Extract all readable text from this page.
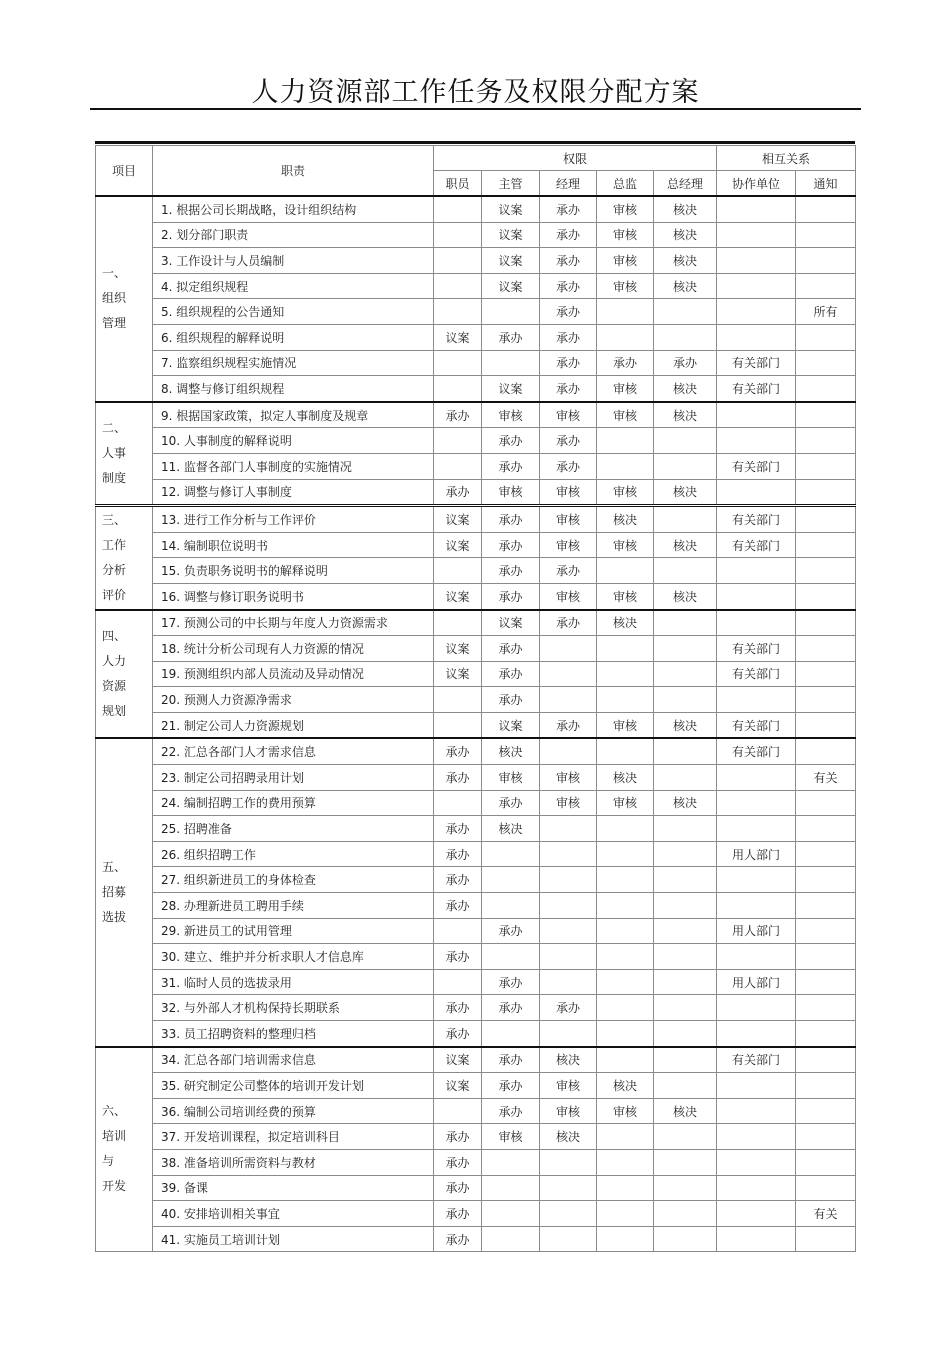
人力资源部工作任务及权限分配方案
项目	职责	权限					相互关系	
		职员	主管	经理	总监	总经理	协作单位	通知

一、
组织
管理	1. 根据公司长期战略，设计组织结构		议案	承办	审核	核决		
	2. 划分部门职责		议案	承办	审核	核决		
	3. 工作设计与人员编制		议案	承办	审核	核决		
	4. 拟定组织规程		议案	承办	审核	核决		
	5. 组织规程的公告通知			承办				所有
	6. 组织规程的解释说明	议案	承办	承办				
	7. 监察组织规程实施情况			承办	承办	承办	有关部门	
	8. 调整与修订组织规程		议案	承办	审核	核决	有关部门	

二、
人事
制度	9. 根据国家政策，拟定人事制度及规章	承办	审核	审核	审核	核决		
	10. 人事制度的解释说明		承办	承办				
	11. 监督各部门人事制度的实施情况		承办	承办			有关部门	
	12. 调整与修订人事制度	承办	审核	审核	审核	核决		

三、
工作
分析
评价	13. 进行工作分析与工作评价	议案	承办	审核	核决		有关部门	
	14. 编制职位说明书	议案	承办	审核	审核	核决	有关部门	
	15. 负责职务说明书的解释说明		承办	承办				
	16. 调整与修订职务说明书	议案	承办	审核	审核	核决		

四、
人力
资源
规划	17. 预测公司的中长期与年度人力资源需求		议案	承办	核决			
	18. 统计分析公司现有人力资源的情况	议案	承办				有关部门	
	19. 预测组织内部人员流动及异动情况	议案	承办				有关部门	
	20. 预测人力资源净需求		承办					
	21. 制定公司人力资源规划		议案	承办	审核	核决	有关部门	

五、
招募
选拔	22. 汇总各部门人才需求信息	承办	核决				有关部门	
	23. 制定公司招聘录用计划	承办	审核	审核	核决			有关
	24. 编制招聘工作的费用预算		承办	审核	审核	核决		
	25. 招聘准备	承办	核决					
	26. 组织招聘工作	承办					用人部门	
	27. 组织新进员工的身体检查	承办						
	28. 办理新进员工聘用手续	承办						
	29. 新进员工的试用管理		承办				用人部门	
	30. 建立、维护并分析求职人才信息库	承办						
	31. 临时人员的选拔录用		承办				用人部门	
	32. 与外部人才机构保持长期联系	承办	承办	承办				
	33. 员工招聘资料的整理归档	承办						

六、
培训
与
开发	34. 汇总各部门培训需求信息	议案	承办	核决			有关部门	
	35. 研究制定公司整体的培训开发计划	议案	承办	审核	核决			
	36. 编制公司培训经费的预算		承办	审核	审核	核决		
	37. 开发培训课程，拟定培训科目	承办	审核	核决				
	38. 准备培训所需资料与教材	承办						
	39. 备课	承办						
	40. 安排培训相关事宜	承办						有关
	41. 实施员工培训计划	承办						
